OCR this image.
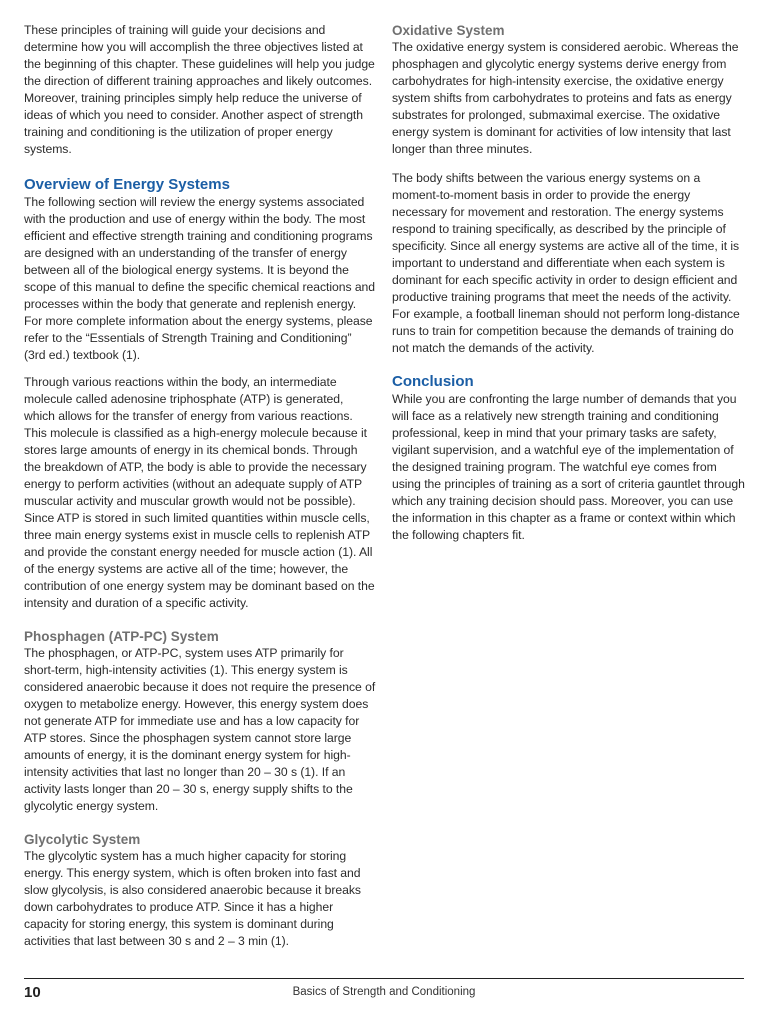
These principles of training will guide your decisions and determine how you will accomplish the three objectives listed at the beginning of this chapter. These guidelines will help you judge the direction of different training approaches and likely outcomes. Moreover, training principles simply help reduce the universe of ideas of which you need to consider. Another aspect of strength training and conditioning is the utilization of proper energy systems.

Overview of Energy Systems

The following section will review the energy systems associated with the production and use of energy within the body. The most efficient and effective strength training and conditioning programs are designed with an understanding of the transfer of energy between all of the biological energy systems. It is beyond the scope of this manual to define the specific chemical reactions and processes within the body that generate and replenish energy. For more complete information about the energy systems, please refer to the “Essentials of Strength Training and Conditioning” (3rd ed.) textbook (1).

Through various reactions within the body, an intermediate molecule called adenosine triphosphate (ATP) is generated, which allows for the transfer of energy from various reactions. This molecule is classified as a high-energy molecule because it stores large amounts of energy in its chemical bonds. Through the breakdown of ATP, the body is able to provide the necessary energy to perform activities (without an adequate supply of ATP muscular activity and muscular growth would not be possible). Since ATP is stored in such limited quantities within muscle cells, three main energy systems exist in muscle cells to replenish ATP and provide the constant energy needed for muscle action (1). All of the energy systems are active all of the time; however, the contribution of one energy system may be dominant based on the intensity and duration of a specific activity.

Phosphagen (ATP-PC) System

The phosphagen, or ATP-PC, system uses ATP primarily for short-term, high-intensity activities (1). This energy system is considered anaerobic because it does not require the presence of oxygen to metabolize energy. However, this energy system does not generate ATP for immediate use and has a low capacity for ATP stores. Since the phosphagen system cannot store large amounts of energy, it is the dominant energy system for high-intensity activities that last no longer than 20 – 30 s (1). If an activity lasts longer than 20 – 30 s, energy supply shifts to the glycolytic energy system.

Glycolytic System

The glycolytic system has a much higher capacity for storing energy. This energy system, which is often broken into fast and slow glycolysis, is also considered anaerobic because it breaks down carbohydrates to produce ATP. Since it has a higher capacity for storing energy, this system is dominant during activities that last between 30 s and 2 – 3 min (1).

Oxidative System

The oxidative energy system is considered aerobic. Whereas the phosphagen and glycolytic energy systems derive energy from carbohydrates for high-intensity exercise, the oxidative energy system shifts from carbohydrates to proteins and fats as energy substrates for prolonged, submaximal exercise. The oxidative energy system is dominant for activities of low intensity that last longer than three minutes.

The body shifts between the various energy systems on a moment-to-moment basis in order to provide the energy necessary for movement and restoration. The energy systems respond to training specifically, as described by the principle of specificity. Since all energy systems are active all of the time, it is important to understand and differentiate when each system is dominant for each specific activity in order to design efficient and productive training programs that meet the needs of the activity. For example, a football lineman should not perform long-distance runs to train for competition because the demands of training do not match the demands of the activity.

Conclusion

While you are confronting the large number of demands that you will face as a relatively new strength training and conditioning professional, keep in mind that your primary tasks are safety, vigilant supervision, and a watchful eye of the implementation of the designed training program. The watchful eye comes from using the principles of training as a sort of criteria gauntlet through which any training decision should pass. Moreover, you can use the information in this chapter as a frame or context within which the following chapters fit.

10	Basics of Strength and Conditioning
